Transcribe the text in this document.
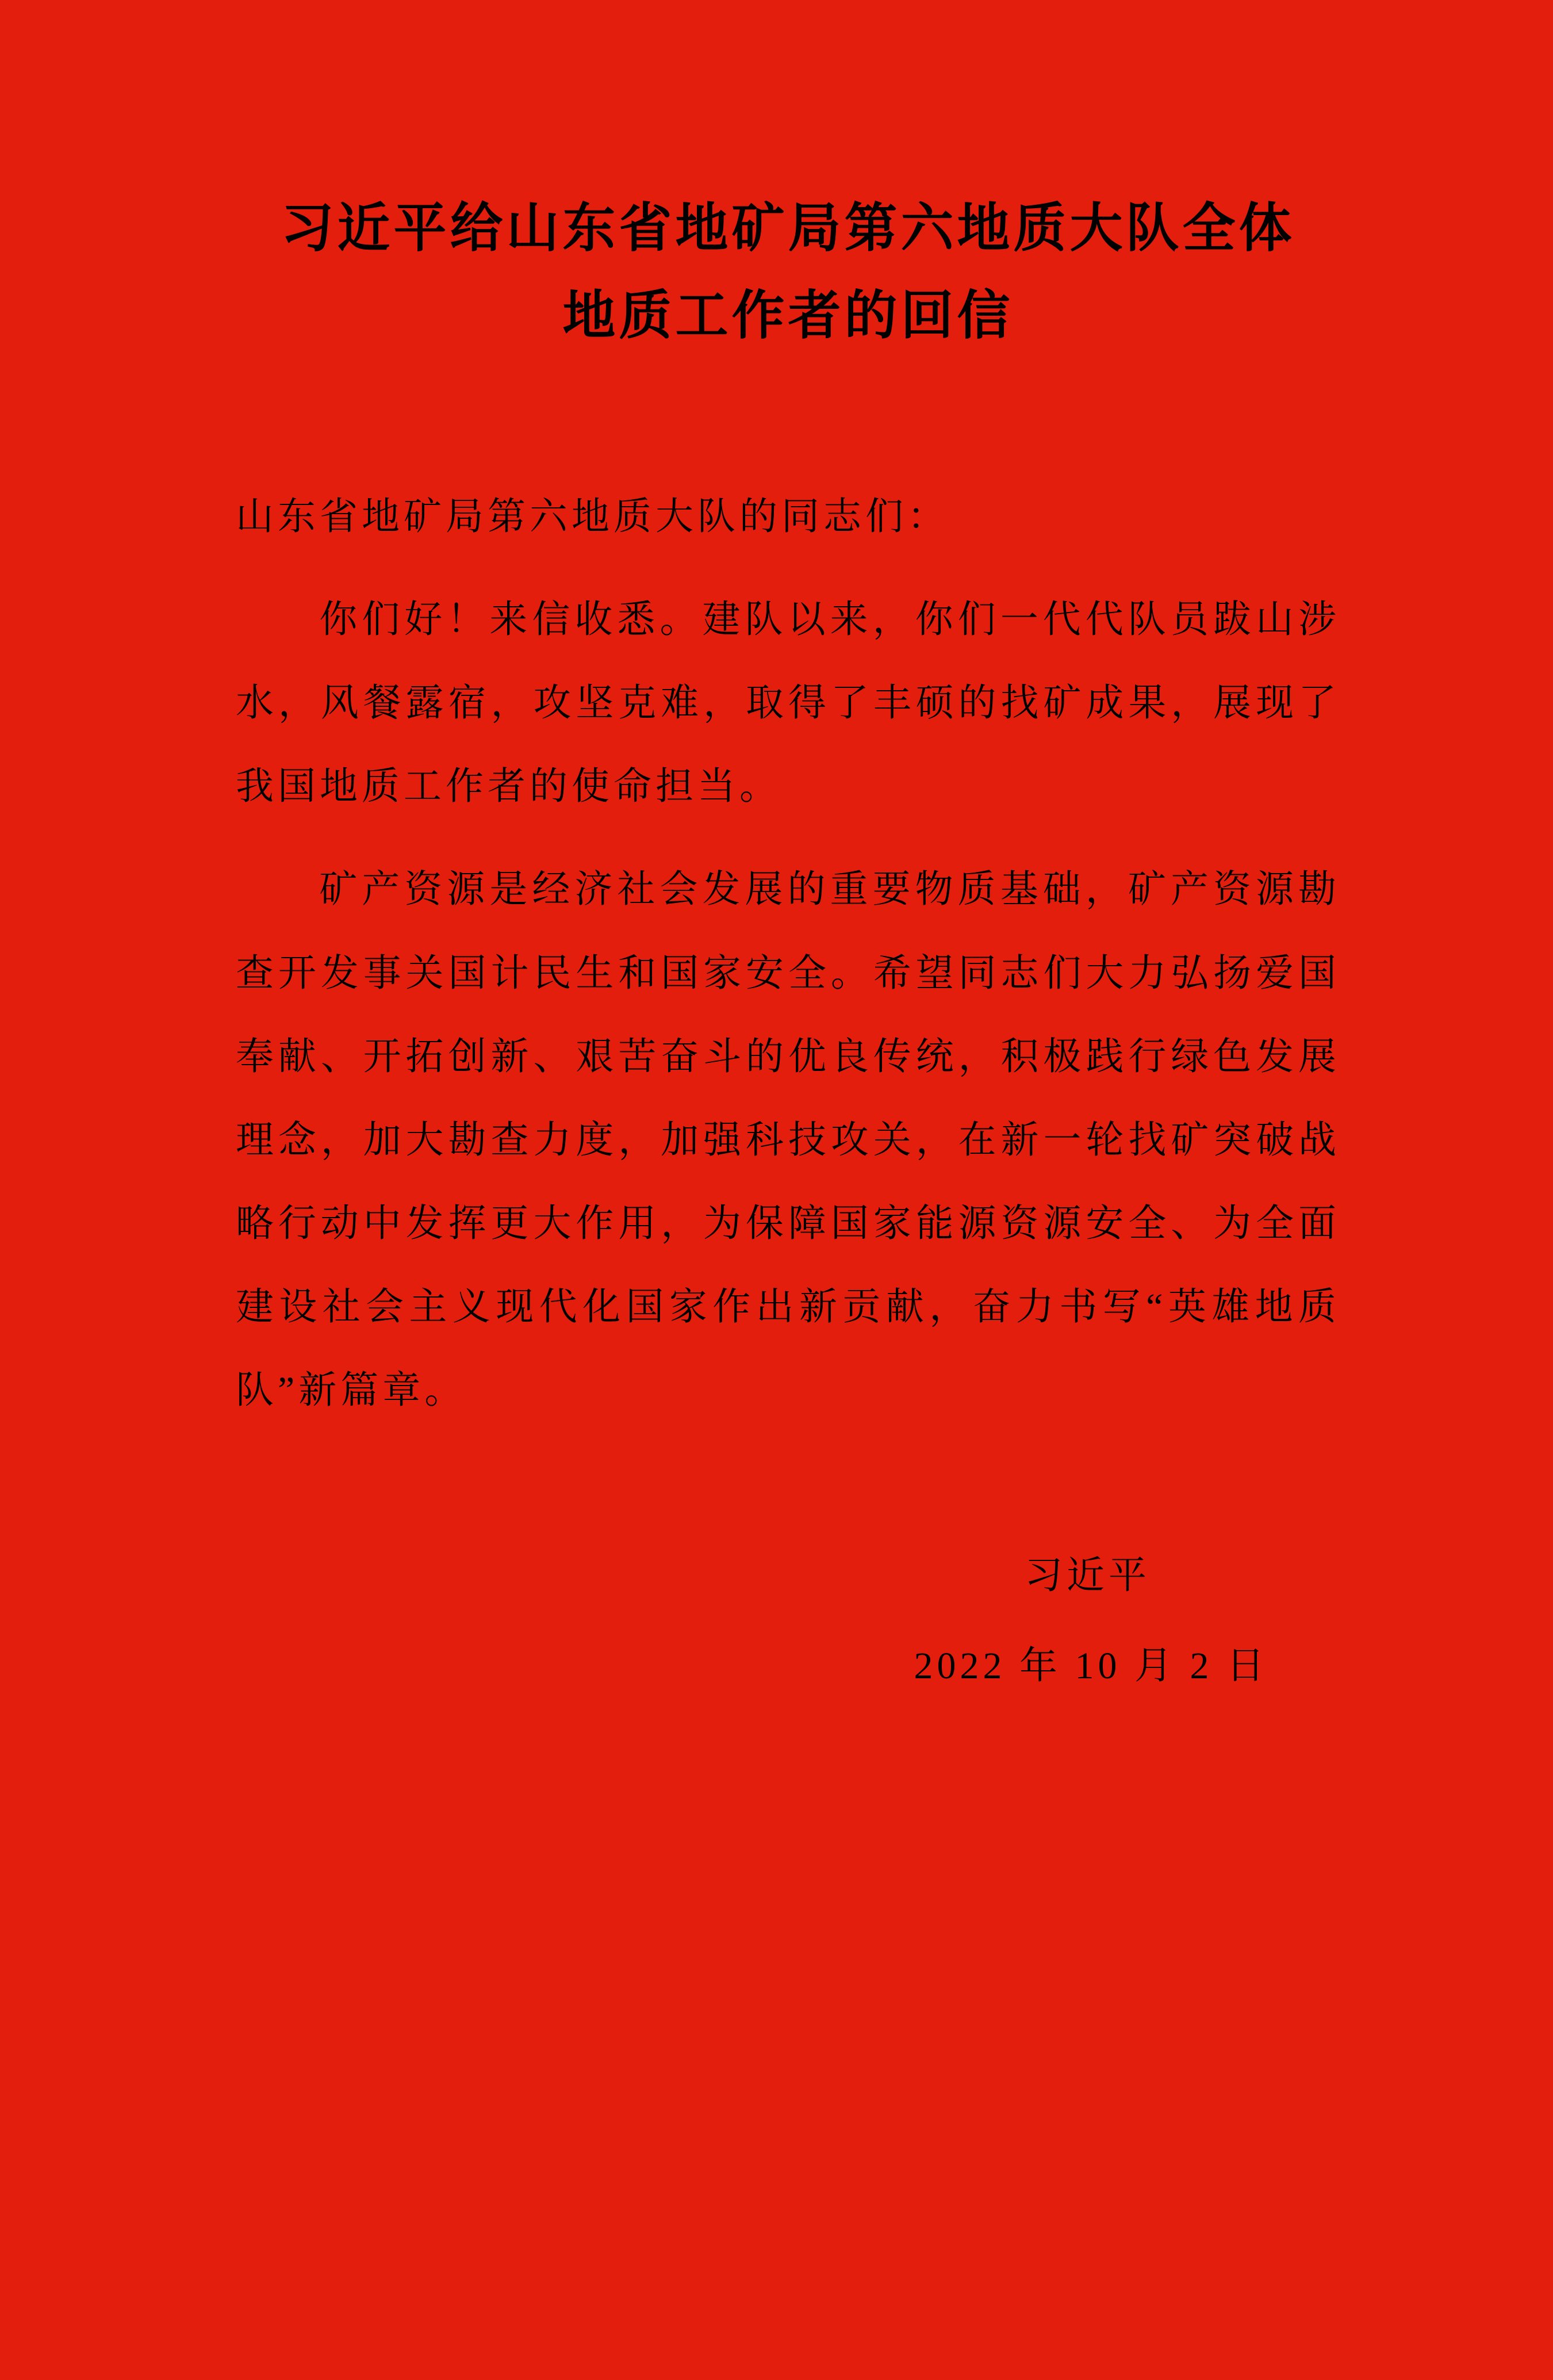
习近平给山东省地矿局第六地质大队全体
地质工作者的回信

山东省地矿局第六地质大队的同志们：

你们好！来信收悉。建队以来，你们一代代队员跋山涉水，风餐露宿，攻坚克难，取得了丰硕的找矿成果，展现了我国地质工作者的使命担当。

矿产资源是经济社会发展的重要物质基础，矿产资源勘查开发事关国计民生和国家安全。希望同志们大力弘扬爱国奉献、开拓创新、艰苦奋斗的优良传统，积极践行绿色发展理念，加大勘查力度，加强科技攻关，在新一轮找矿突破战略行动中发挥更大作用，为保障国家能源资源安全、为全面建设社会主义现代化国家作出新贡献，奋力书写“英雄地质队”新篇章。

习近平

2022 年 10 月 2 日
